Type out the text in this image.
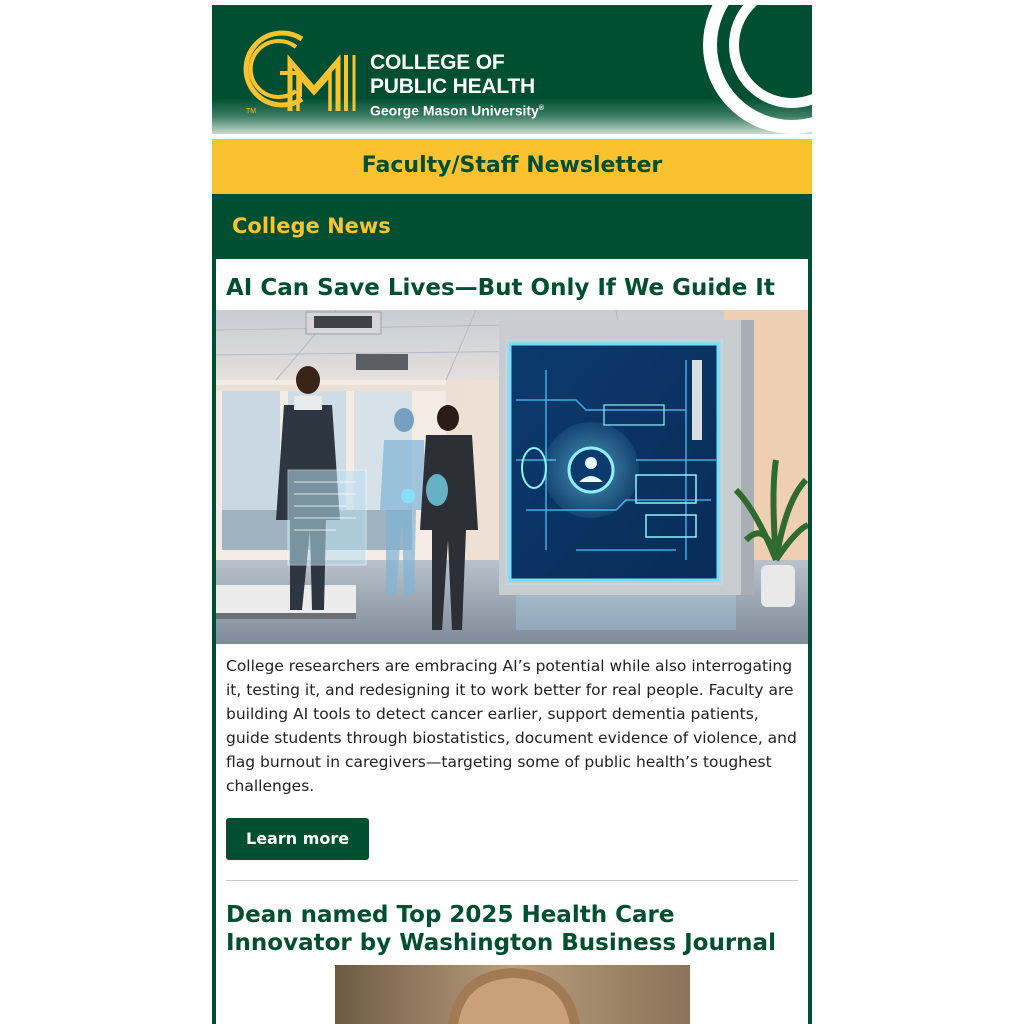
TM
COLLEGE OF
PUBLIC HEALTH
George Mason University®
Faculty/Staff Newsletter
College News
AI Can Save Lives—But Only If We Guide It

College researchers are embracing AI’s potential while also interrogating it, testing it, and redesigning it to work better for real people. Faculty are building AI tools to detect cancer earlier, support dementia patients, guide students through biostatistics, document evidence of violence, and flag burnout in caregivers—targeting some of public health’s toughest challenges.

Learn more
Dean named Top 2025 Health Care Innovator by Washington Business Journal
